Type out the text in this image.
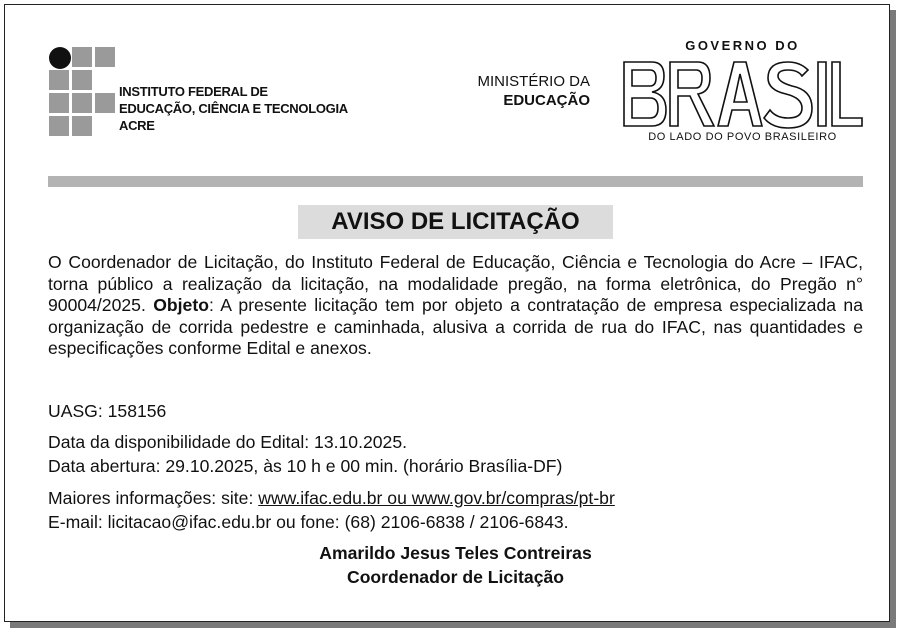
INSTITUTO FEDERAL DE
EDUCAÇÃO, CIÊNCIA E TECNOLOGIA
ACRE
MINISTÉRIO DA
EDUCAÇÃO
GOVERNO DO
DO LADO DO POVO BRASILEIRO
AVISO DE LICITAÇÃO
O Coordenador de Licitação, do Instituto Federal de Educação, Ciência e Tecnologia do Acre – IFAC, torna público a realização da licitação, na modalidade pregão, na forma eletrônica, do Pregão n° 90004/2025. Objeto: A presente licitação tem por objeto a contratação de empresa especializada na organização de corrida pedestre e caminhada, alusiva a corrida de rua do IFAC, nas quantidades e especificações conforme Edital e anexos.
UASG: 158156
Data da disponibilidade do Edital: 13.10.2025.
Data abertura: 29.10.2025, às 10 h e 00 min. (horário Brasília-DF)
Maiores informações: site: www.ifac.edu.br ou www.gov.br/compras/pt-br
E-mail: licitacao@ifac.edu.br ou fone: (68) 2106-6838 / 2106-6843.
Amarildo Jesus Teles Contreiras
Coordenador de Licitação
